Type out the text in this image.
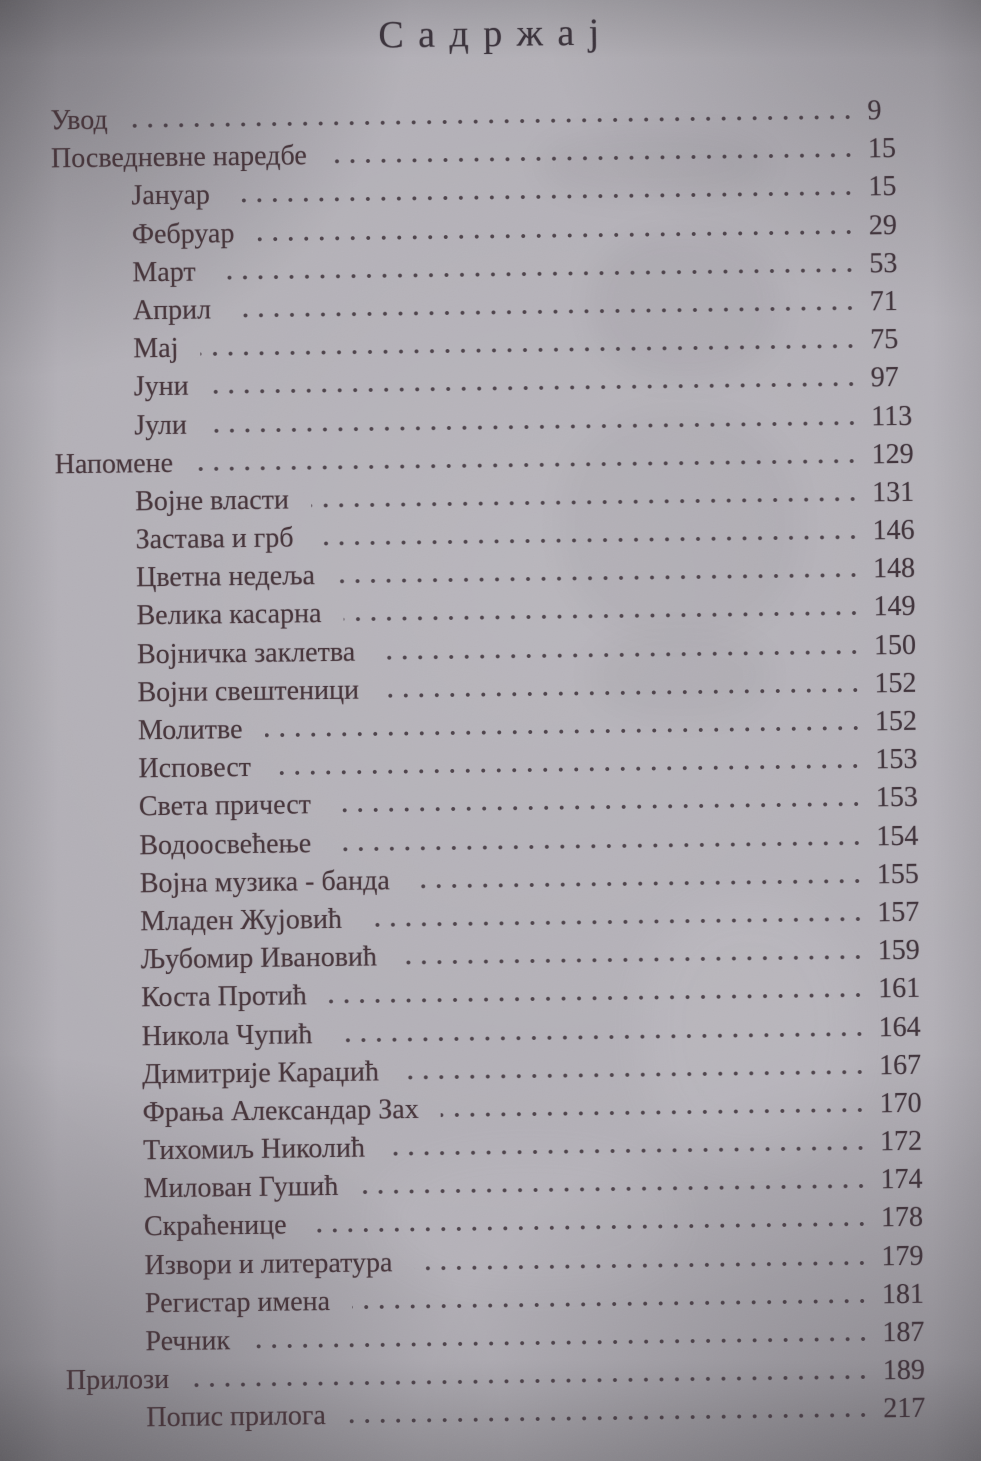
Садржај
Увод	9
Посведневне наредбе	15
Јануар	15
Фебруар	29
Март	53
Април	71
Мај	75
Јуни	97
Јули	113
Напомене	129
Војне власти	131
Застава и грб	146
Цветна недеља	148
Велика касарна	149
Војничка заклетва	150
Војни свештеници	152
Молитве	152
Исповест	153
Света причест	153
Водоосвећење	154
Војна музика - банда	155
Младен Жујовић	157
Љубомир Ивановић	159
Коста Протић	161
Никола Чупић	164
Димитрије Караџић	167
Фрања Александар Зах	170
Тихомиљ Николић	172
Милован Гушић	174
Скраћенице	178
Извори и литература	179
Регистар имена	181
Речник	187
Прилози	189
Попис прилога	217
